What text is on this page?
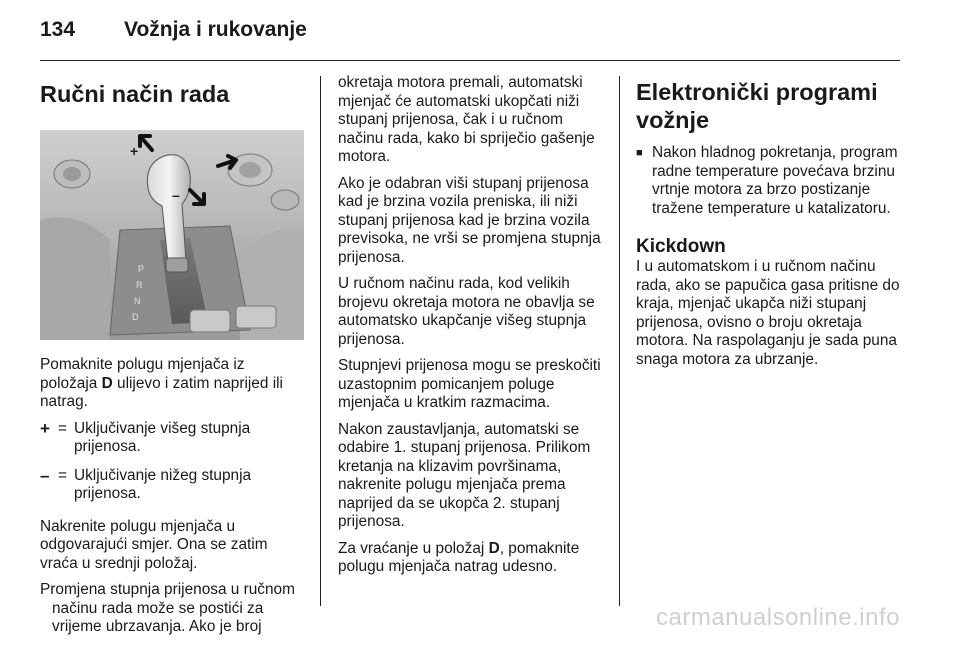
134	Vožnja i rukovanje
Ručni način rada
P
R
N
D
+
–

Pomaknite polugu mjenjača iz položaja D ulijevo i zatim naprijed ili natrag.

+ = Uključivanje višeg stupnja prijenosa.
– = Uključivanje nižeg stupnja prijenosa.

Nakrenite polugu mjenjača u odgovarajući smjer. Ona se zatim vraća u srednji položaj.

Promjena stupnja prijenosa u ručnom načinu rada može se postići za vrijeme ubrzavanja. Ako je broj

okretaja motora premali, automatski mjenjač će automatski ukopčati niži stupanj prijenosa, čak i u ručnom načinu rada, kako bi spriječio gašenje motora.

Ako je odabran viši stupanj prijenosa kad je brzina vozila preniska, ili niži stupanj prijenosa kad je brzina vozila previsoka, ne vrši se promjena stupnja prijenosa.

U ručnom načinu rada, kod velikih brojevu okretaja motora ne obavlja se automatsko ukapčanje višeg stupnja prijenosa.

Stupnjevi prijenosa mogu se preskočiti uzastopnim pomicanjem poluge mjenjača u kratkim razmacima.

Nakon zaustavljanja, automatski se odabire 1. stupanj prijenosa. Prilikom kretanja na klizavim površinama, nakrenite polugu mjenjača prema naprijed da se ukopča 2. stupanj prijenosa.

Za vraćanje u položaj D, pomaknite polugu mjenjača natrag udesno.

Elektronički programi vožnje
■ Nakon hladnog pokretanja, program radne temperature povećava brzinu vrtnje motora za brzo postizanje tražene temperature u katalizatoru.
Kickdown

I u automatskom i u ručnom načinu rada, ako se papučica gasa pritisne do kraja, mjenjač ukapča niži stupanj prijenosa, ovisno o broju okretaja motora. Na raspolaganju je sada puna snaga motora za ubrzanje.

carmanualsonline.info
